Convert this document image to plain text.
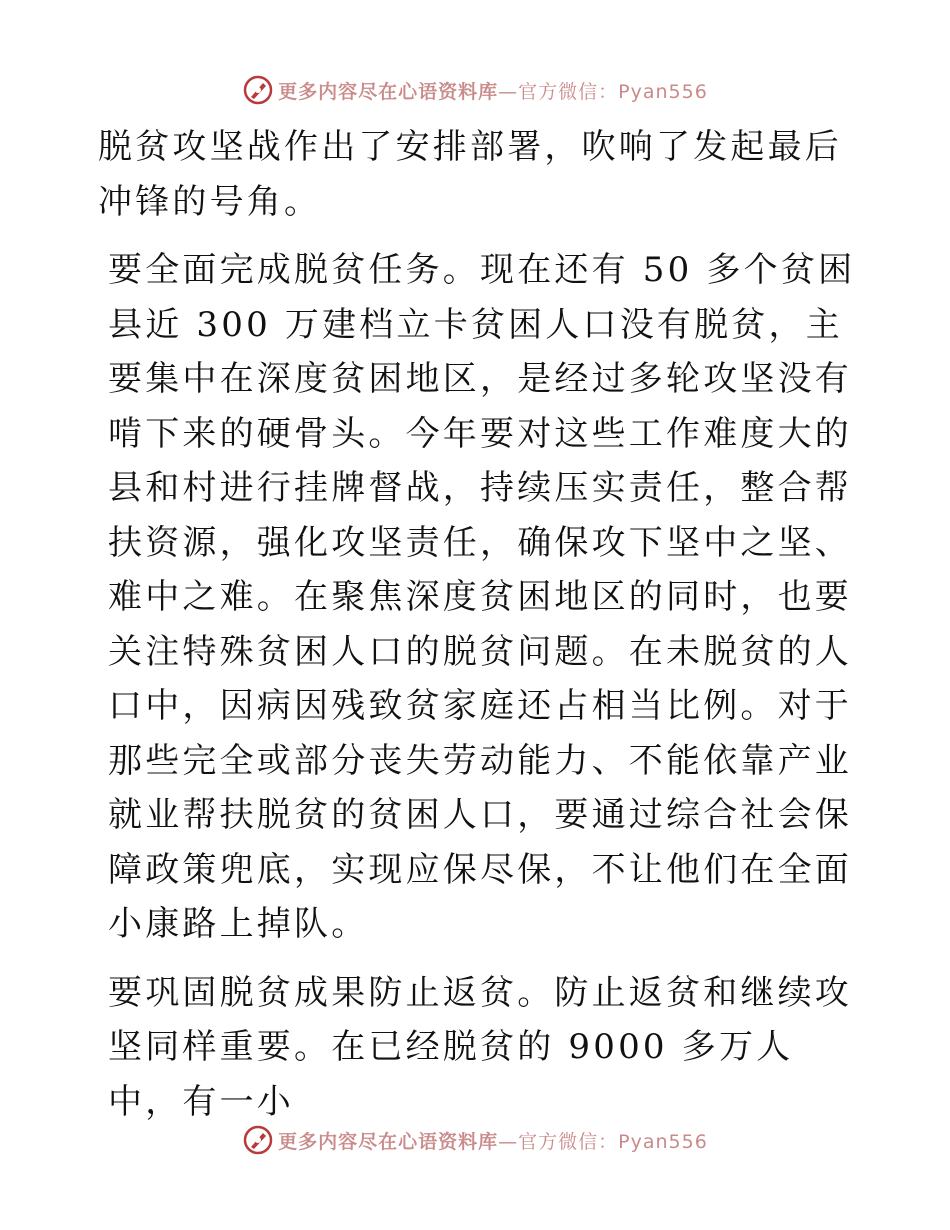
更多内容尽在心语资料库 —官方微信：Pyan556

脱贫攻坚战作出了安排部署，吹响了发起最后冲锋的号角。

要全面完成脱贫任务。现在还有 50 多个贫困县近 300 万建档立卡贫困人口没有脱贫，主要集中在深度贫困地区，是经过多轮攻坚没有啃下来的硬骨头。今年要对这些工作难度大的县和村进行挂牌督战，持续压实责任，整合帮扶资源，强化攻坚责任，确保攻下坚中之坚、难中之难。在聚焦深度贫困地区的同时，也要关注特殊贫困人口的脱贫问题。在未脱贫的人口中，因病因残致贫家庭还占相当比例。对于那些完全或部分丧失劳动能力、不能依靠产业就业帮扶脱贫的贫困人口，要通过综合社会保障政策兜底，实现应保尽保，不让他们在全面小康路上掉队。

要巩固脱贫成果防止返贫。防止返贫和继续攻坚同样重要。在已经脱贫的 9000 多万人中，有一小

更多内容尽在心语资料库 —官方微信：Pyan556
